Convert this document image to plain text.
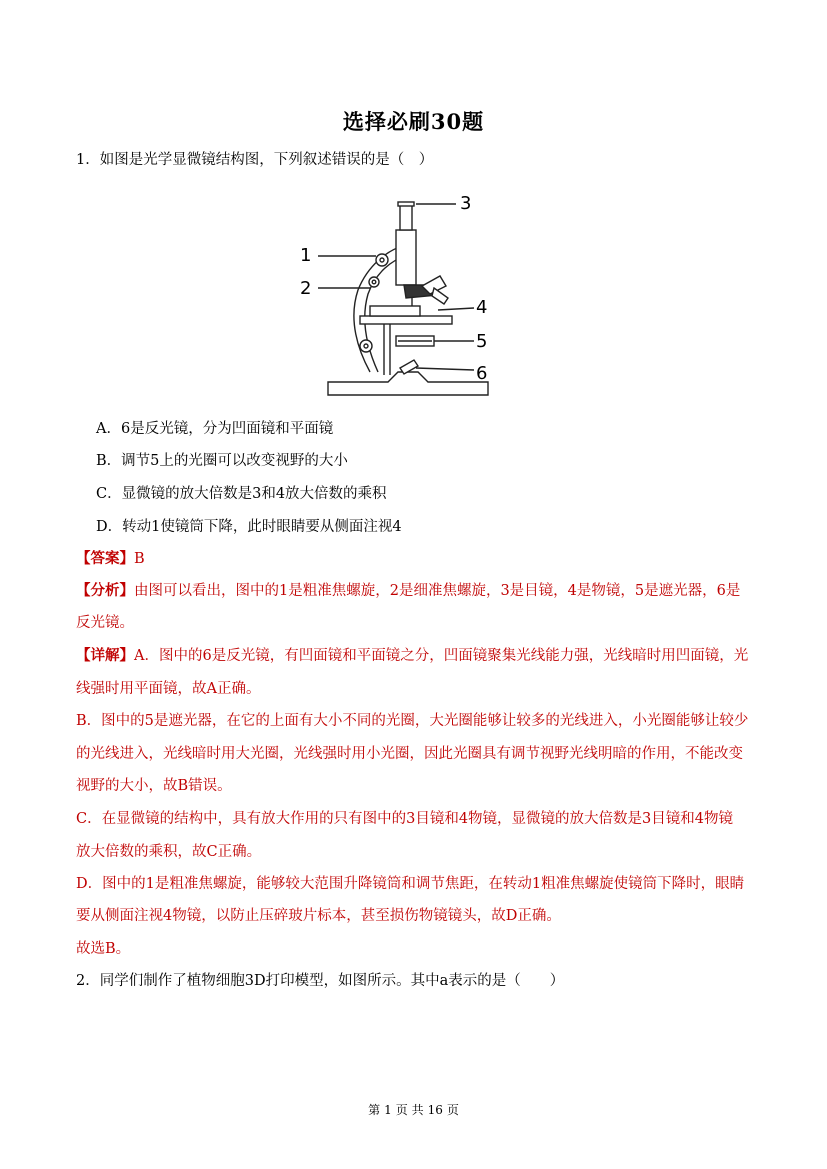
选择必刷30题
1．如图是光学显微镜结构图，下列叙述错误的是（　）
1
2
3
4
5
6
A．6是反光镜，分为凹面镜和平面镜
B．调节5上的光圈可以改变视野的大小
C．显微镜的放大倍数是3和4放大倍数的乘积
D．转动1使镜筒下降，此时眼睛要从侧面注视4
【答案】B
【分析】由图可以看出，图中的1是粗准焦螺旋，2是细准焦螺旋，3是目镜，4是物镜，5是遮光器，6是
反光镜。
【详解】A．图中的6是反光镜，有凹面镜和平面镜之分，凹面镜聚集光线能力强，光线暗时用凹面镜，光
线强时用平面镜，故A正确。
B．图中的5是遮光器，在它的上面有大小不同的光圈，大光圈能够让较多的光线进入，小光圈能够让较少
的光线进入，光线暗时用大光圈，光线强时用小光圈，因此光圈具有调节视野光线明暗的作用，不能改变
视野的大小，故B错误。
C．在显微镜的结构中，具有放大作用的只有图中的3目镜和4物镜，显微镜的放大倍数是3目镜和4物镜
放大倍数的乘积，故C正确。
D．图中的1是粗准焦螺旋，能够较大范围升降镜筒和调节焦距，在转动1粗准焦螺旋使镜筒下降时，眼睛
要从侧面注视4物镜，以防止压碎玻片标本，甚至损伤物镜镜头，故D正确。
故选B。
2．同学们制作了植物细胞3D打印模型，如图所示。其中a表示的是（　　）
第 1 页 共 16 页
